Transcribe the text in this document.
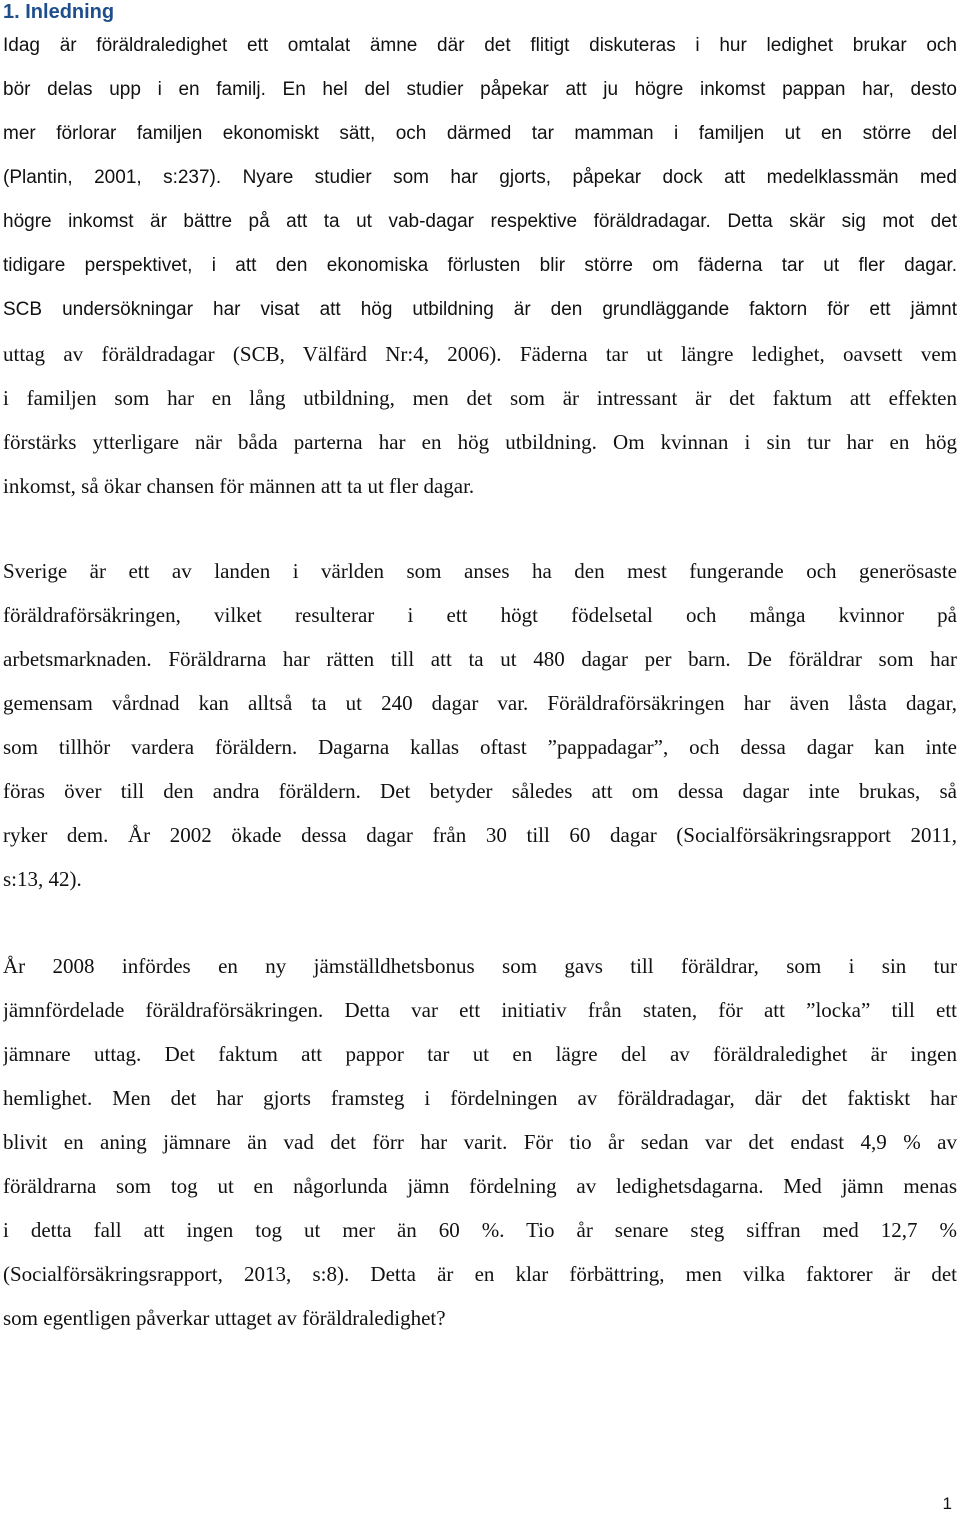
1. Inledning
Idag är föräldraledighet ett omtalat ämne där det flitigt diskuteras i hur ledighet brukar och
bör delas upp i en familj. En hel del studier påpekar att ju högre inkomst pappan har, desto
mer förlorar familjen ekonomiskt sätt, och därmed tar mamman i familjen ut en större del
(Plantin, 2001, s:237). Nyare studier som har gjorts, påpekar dock att medelklassmän med
högre inkomst är bättre på att ta ut vab-dagar respektive föräldradagar. Detta skär sig mot det
tidigare perspektivet, i att den ekonomiska förlusten blir större om fäderna tar ut fler dagar.
SCB undersökningar har visat att hög utbildning är den grundläggande faktorn för ett jämnt
uttag av föräldradagar (SCB, Välfärd Nr:4, 2006). Fäderna tar ut längre ledighet, oavsett vem
i familjen som har en lång utbildning, men det som är intressant är det faktum att effekten
förstärks ytterligare när båda parterna har en hög utbildning. Om kvinnan i sin tur har en hög
inkomst, så ökar chansen för männen att ta ut fler dagar.
Sverige är ett av landen i världen som anses ha den mest fungerande och generösaste
föräldraförsäkringen, vilket resulterar i ett högt födelsetal och många kvinnor på
arbetsmarknaden. Föräldrarna har rätten till att ta ut 480 dagar per barn. De föräldrar som har
gemensam vårdnad kan alltså ta ut 240 dagar var. Föräldraförsäkringen har även låsta dagar,
som tillhör vardera föräldern. Dagarna kallas oftast ”pappadagar”, och dessa dagar kan inte
föras över till den andra föräldern. Det betyder således att om dessa dagar inte brukas, så
ryker dem. År 2002 ökade dessa dagar från 30 till 60 dagar (Socialförsäkringsrapport 2011,
s:13, 42).
År 2008 infördes en ny jämställdhetsbonus som gavs till föräldrar, som i sin tur
jämnfördelade föräldraförsäkringen. Detta var ett initiativ från staten, för att ”locka” till ett
jämnare uttag. Det faktum att pappor tar ut en lägre del av föräldraledighet är ingen
hemlighet. Men det har gjorts framsteg i fördelningen av föräldradagar, där det faktiskt har
blivit en aning jämnare än vad det förr har varit. För tio år sedan var det endast 4,9 % av
föräldrarna som tog ut en någorlunda jämn fördelning av ledighetsdagarna. Med jämn menas
i detta fall att ingen tog ut mer än 60 %. Tio år senare steg siffran med 12,7 %
(Socialförsäkringsrapport, 2013, s:8). Detta är en klar förbättring, men vilka faktorer är det
som egentligen påverkar uttaget av föräldraledighet?
1
